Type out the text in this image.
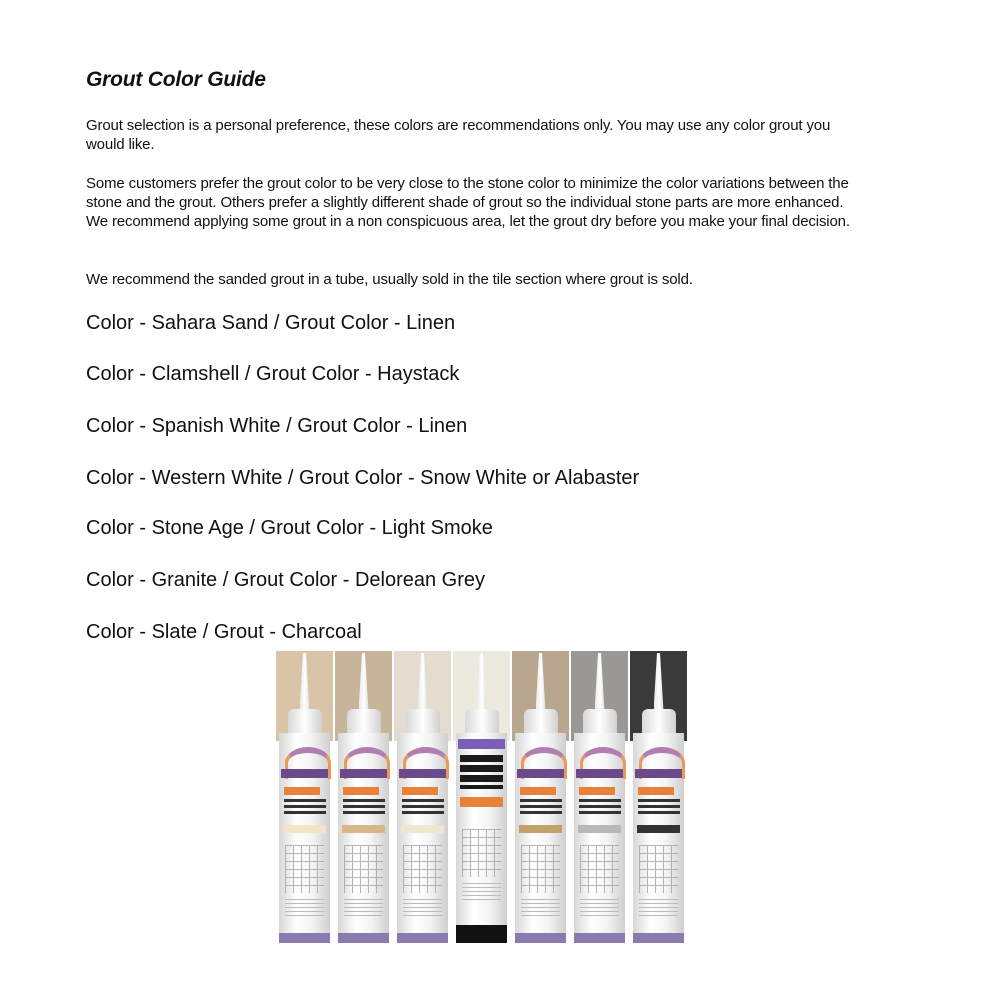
Grout Color Guide

Grout selection is a personal preference, these colors are recommendations only. You may use any color grout you would like.

Some customers prefer the grout color to be very close to the stone color to minimize the color variations between the stone and the grout. Others prefer a slightly different shade of grout so the individual stone parts are more enhanced. We recommend applying some grout in a non conspicuous area, let the grout dry before you make your final decision.

We recommend the sanded grout in a tube, usually sold in the tile section where grout is sold.

Color - Sahara Sand / Grout Color - Linen

Color - Clamshell / Grout Color - Haystack

Color - Spanish White / Grout Color - Linen

Color - Western White / Grout Color - Snow White or Alabaster

Color - Stone Age / Grout Color - Light Smoke

Color - Granite / Grout Color - Delorean Grey

Color - Slate / Grout - Charcoal
